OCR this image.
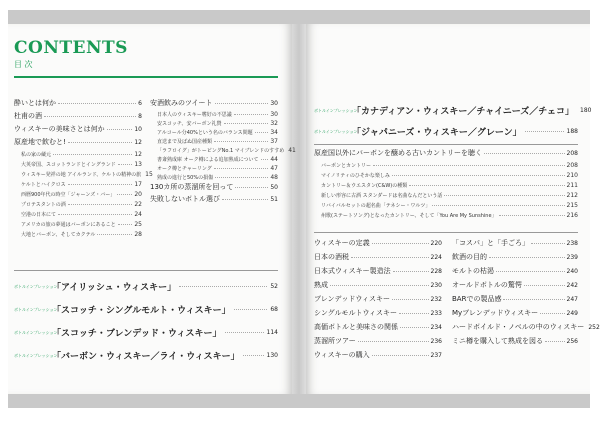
CONTENTS
目 次
酔いとは何か	6
杜甫の酒	8
ウィスキーの美味さとは何か	10
原産地で飲むと!	12
私の家の蔵元	12
大英帝国、スコットランドとイングランド	13
ウィスキー発祥の地 アイルランド、ケルトの精神の旅 15
ケルトとハイクロス	17
西暦900年代の時空「ジャーンズ・バー」	20
プロテスタントの酒	22
空港の日本にて	24
アメリカの旅の夢通はバーボンにあること	25
大地とバーボン、そしてカクテル	28
安酒飲みのツイート	30
日本人のウィスキー嗜好の不思議	30
安スコッチ、安バーボン礼賛	32
アルコール分40%という名のバランス問題	34
直送まで及ばぬ国産種類	37
「ラフロイグ」がトーピングNo.1 マイブレンドのすすめ 41
書斎熟成庫 オーク樽による追加熟成について 44
オーク樽とチャーリング	47
熟成の進行と50%の損傷	48
130カ所の蒸溜所を回って	50
失敗しないボトル選び	51
ボトルインプレッション
「アイリッシュ・ウィスキー」	52
ボトルインプレッション
「スコッチ・シングルモルト・ウィスキー」	68
ボトルインプレッション
「スコッチ・ブレンデッド・ウィスキー」	114
ボトルインプレッション
「バーボン・ウィスキー／ライ・ウィスキー」	130
ボトルインプレッション
「カナディアン・ウィスキー／チャイニーズ／チェコ」 180
ボトルインプレッション
「ジャパニーズ・ウィスキー／グレーン」	188
原産国以外にバーボンを醸める古いカントリーを聴く	208
バーボンとカントリー	208
マイノリティのひそかな楽しみ	210
カントリー＆ウエスタン(C&W)の種類	211
新しい形容に古酒 スタンダードは名曲なんだという話	212
リバイバルセットの超名曲「テネシー・ワルツ」	215
州歌(ステートソング)となったカントリー、そして「You Are My Sunshine」	216
ウィスキーの定義	220
日本の酒税	224
日本式ウィスキー製造法	228
熟成	230
ブレンデッドウィスキー	232
シングルモルトウィスキー	233
高価ボトルと美味さの関係	234
蒸溜所ツアー	236
ウィスキーの購入	237
「コスパ」と「手ごろ」	238
飲酒の目的	239
モルトの枯渇	240
オールドボトルの驚愕	242
BARでの製品感	247
Myブレンデッドウィスキー	249
ハードボイルド・ノベルの中のウィスキー 252
ミニ樽を購入して熟成を図る	256
